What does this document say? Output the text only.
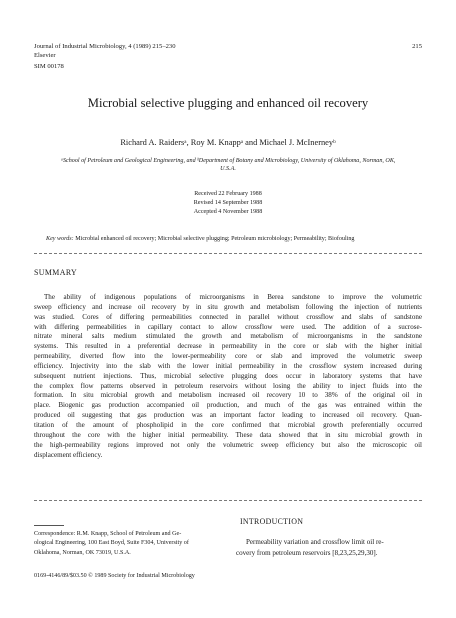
Journal of Industrial Microbiology, 4 (1989) 215–230
Elsevier
SIM 00178
215
Microbial selective plugging and enhanced oil recovery
Richard A. Raidersᵃ, Roy M. Knappᵃ and Michael J. McInerneyᵇ
ᵃSchool of Petroleum and Geological Engineering, and ᵇDepartment of Botany and Microbiology, University of Oklahoma, Norman, OK,
U.S.A.
Received 22 February 1988
Revised 14 September 1988
Accepted 4 November 1988
Key words: Microbial enhanced oil recovery; Microbial selective plugging; Petroleum microbiology; Permeability; Biofouling
SUMMARY
The ability of indigenous populations of microorganisms in Berea sandstone to improve the volumetric
sweep efficiency and increase oil recovery by in situ growth and metabolism following the injection of nutrients
was studied. Cores of differing permeabilities connected in parallel without crossflow and slabs of sandstone
with differing permeabilities in capillary contact to allow crossflow were used. The addition of a sucrose-
nitrate mineral salts medium stimulated the growth and metabolism of microorganisms in the sandstone
systems. This resulted in a preferential decrease in permeability in the core or slab with the higher initial
permeability, diverted flow into the lower-permeability core or slab and improved the volumetric sweep
efficiency. Injectivity into the slab with the lower initial permeability in the crossflow system increased during
subsequent nutrient injections. Thus, microbial selective plugging does occur in laboratory systems that have
the complex flow patterns observed in petroleum reservoirs without losing the ability to inject fluids into the
formation. In situ microbial growth and metabolism increased oil recovery 10 to 38% of the original oil in
place. Biogenic gas production accompanied oil production, and much of the gas was entrained within the
produced oil suggesting that gas production was an important factor leading to increased oil recovery. Quan-
titation of the amount of phospholipid in the core confirmed that microbial growth preferentially occurred
throughout the core with the higher initial permeability. These data showed that in situ microbial growth in
the high-permeability regions improved not only the volumetric sweep efficiency but also the microscopic oil
displacement efficiency.
Correspondence: R.M. Knapp, School of Petroleum and Ge-
ological Engineering, 100 East Boyd, Suite F304, University of
Oklahoma, Norman, OK 73019, U.S.A.
0169-4146/89/$03.50 © 1989 Society for Industrial Microbiology
INTRODUCTION
Permeability variation and crossflow limit oil re-
covery from petroleum reservoirs [8,23,25,29,30].
